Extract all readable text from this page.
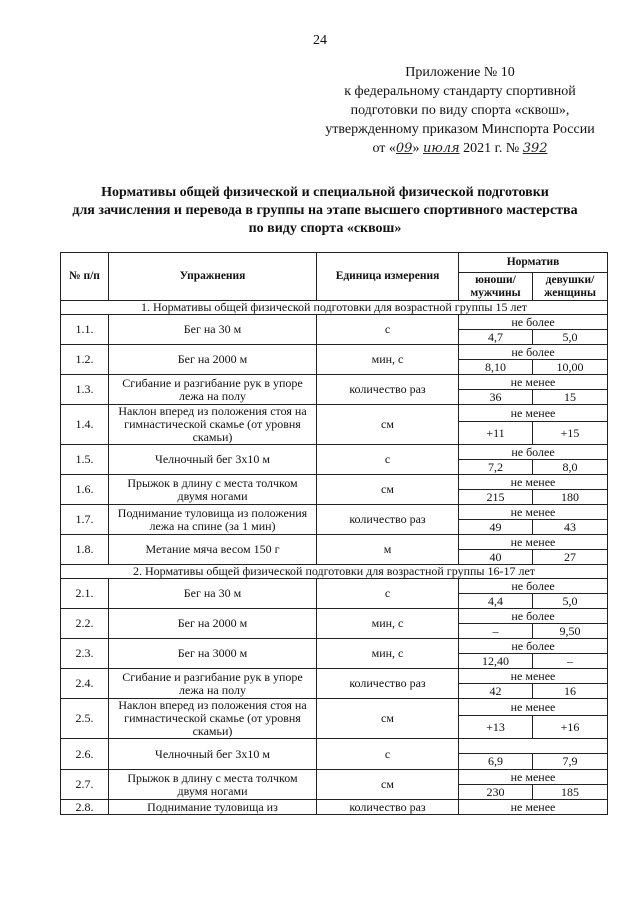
24
Приложение № 10
к федеральному стандарту спортивной
подготовки по виду спорта «сквош»,
утвержденному приказом Минспорта России
от «09» июля 2021 г. № 392
Нормативы общей физической и специальной физической подготовки
для зачисления и перевода в группы на этапе высшего спортивного мастерства
по виду спорта «сквош»
№ п/п	Упражнения	Единица измерения	Норматив	
			юноши/ мужчины	девушки/ женщины
1. Нормативы общей физической подготовки для возрастной группы 15 лет				
1.1.	Бег на 30 м	с	не более	
			4,7	5,0
1.2.	Бег на 2000 м	мин, с	не более	
			8,10	10,00
1.3.	Сгибание и разгибание рук в упоре лежа на полу	количество раз	не менее	
			36	15
1.4.	Наклон вперед из положения стоя на гимнастической скамье (от уровня скамьи)	см	не менее	
			+11	+15
1.5.	Челночный бег 3х10 м	с	не более	
			7,2	8,0
1.6.	Прыжок в длину с места толчком двумя ногами	см	не менее	
			215	180
1.7.	Поднимание туловища из положения лежа на спине (за 1 мин)	количество раз	не менее	
			49	43
1.8.	Метание мяча весом 150 г	м	не менее	
			40	27
2. Нормативы общей физической подготовки для возрастной группы 16-17 лет				
2.1.	Бег на 30 м	с	не более	
			4,4	5,0
2.2.	Бег на 2000 м	мин, с	не более	
			–	9,50
2.3.	Бег на 3000 м	мин, с	не более	
			12,40	–
2.4.	Сгибание и разгибание рук в упоре лежа на полу	количество раз	не менее	
			42	16
2.5.	Наклон вперед из положения стоя на гимнастической скамье (от уровня скамьи)	см	не менее	
			+13	+16
2.6.	Челночный бег 3х10 м	с		
			6,9	7,9
2.7.	Прыжок в длину с места толчком двумя ногами	см	не менее	
			230	185
2.8.	Поднимание туловища из	количество раз	не менее	
